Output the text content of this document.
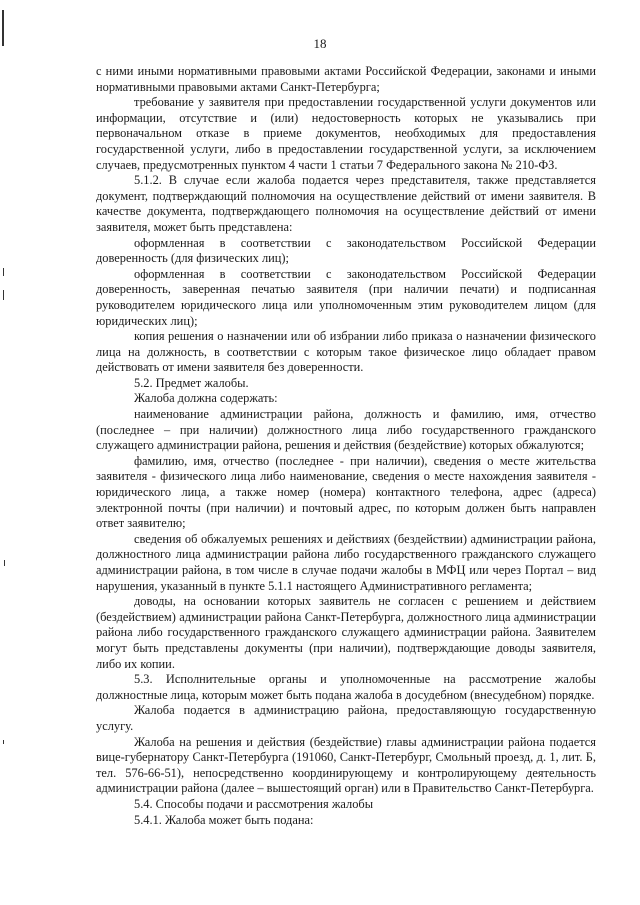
18

с ними иными нормативными правовыми актами Российской Федерации, законами и иными нормативными правовыми актами Санкт-Петербурга;

требование у заявителя при предоставлении государственной услуги документов или информации, отсутствие и (или) недостоверность которых не указывались при первоначальном отказе в приеме документов, необходимых для предоставления государственной услуги, либо в предоставлении государственной услуги, за исключением случаев, предусмотренных пунктом 4 части 1 статьи 7 Федерального закона № 210-ФЗ.

5.1.2. В случае если жалоба подается через представителя, также представляется документ, подтверждающий полномочия на осуществление действий от имени заявителя. В качестве документа, подтверждающего полномочия на осуществление действий от имени заявителя, может быть представлена:

оформленная в соответствии с законодательством Российской Федерации доверенность (для физических лиц);

оформленная в соответствии с законодательством Российской Федерации доверенность, заверенная печатью заявителя (при наличии печати) и подписанная руководителем юридического лица или уполномоченным этим руководителем лицом (для юридических лиц);

копия решения о назначении или об избрании либо приказа о назначении физического лица на должность, в соответствии с которым такое физическое лицо обладает правом действовать от имени заявителя без доверенности.

5.2. Предмет жалобы.

Жалоба должна содержать:

наименование администрации района, должность и фамилию, имя, отчество (последнее – при наличии) должностного лица либо государственного гражданского служащего администрации района, решения и действия (бездействие) которых обжалуются;

фамилию, имя, отчество (последнее - при наличии), сведения о месте жительства заявителя - физического лица либо наименование, сведения о месте нахождения заявителя - юридического лица, а также номер (номера) контактного телефона, адрес (адреса) электронной почты (при наличии) и почтовый адрес, по которым должен быть направлен ответ заявителю;

сведения об обжалуемых решениях и действиях (бездействии) администрации района, должностного лица администрации района либо государственного гражданского служащего администрации района, в том числе в случае подачи жалобы в МФЦ или через Портал – вид нарушения, указанный в пункте 5.1.1 настоящего Административного регламента;

доводы, на основании которых заявитель не согласен с решением и действием (бездействием) администрации района Санкт-Петербурга, должностного лица администрации района либо государственного гражданского служащего администрации района. Заявителем могут быть представлены документы (при наличии), подтверждающие доводы заявителя, либо их копии.

5.3. Исполнительные органы и уполномоченные на рассмотрение жалобы должностные лица, которым может быть подана жалоба в досудебном (внесудебном) порядке.

Жалоба подается в администрацию района, предоставляющую государственную услугу.

Жалоба на решения и действия (бездействие) главы администрации района подается вице-губернатору Санкт-Петербурга (191060, Санкт-Петербург, Смольный проезд, д. 1, лит. Б, тел. 576-66-51), непосредственно координирующему и контролирующему деятельность администрации района (далее – вышестоящий орган) или в Правительство Санкт-Петербурга.

5.4. Способы подачи и рассмотрения жалобы

5.4.1. Жалоба может быть подана:
